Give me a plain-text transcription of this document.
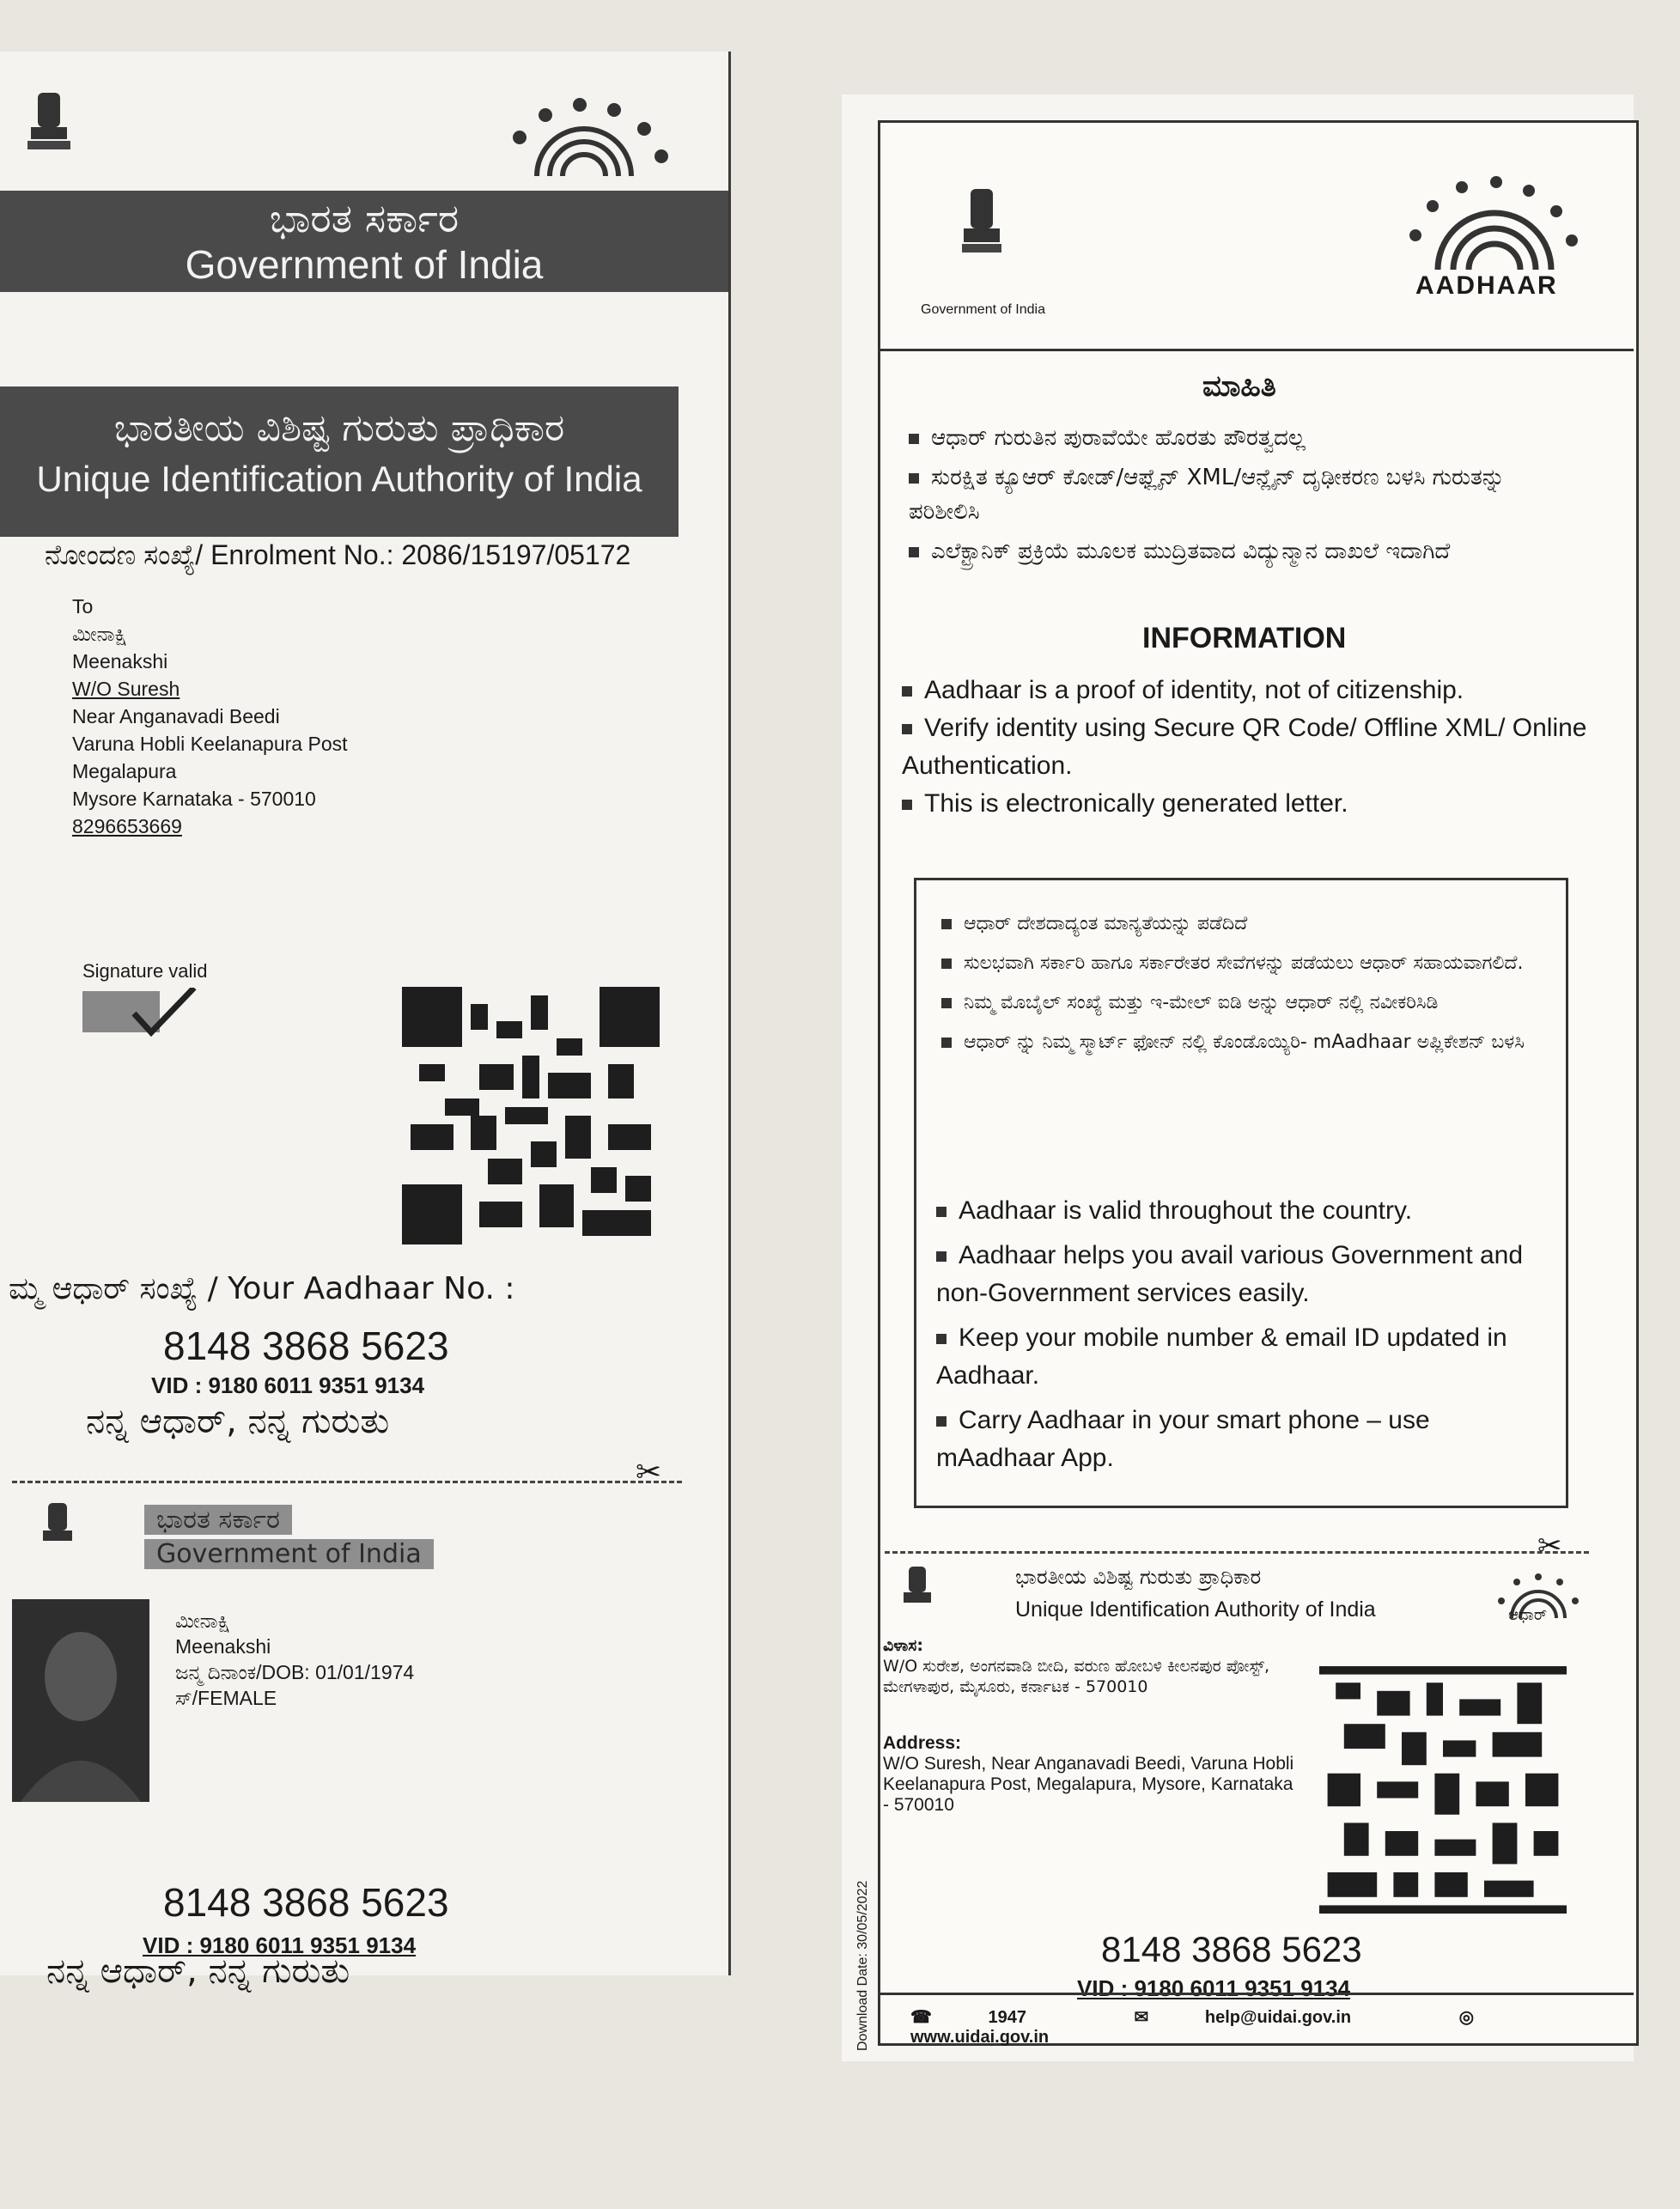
ಭಾರತ ಸರ್ಕಾರ
Government of India
ಭಾರತೀಯ ವಿಶಿಷ್ಟ ಗುರುತು ಪ್ರಾಧಿಕಾರ
Unique Identification Authority of India
ನೋಂದಣ ಸಂಖ್ಯೆ/ Enrolment No.: 2086/15197/05172
To
ಮೀನಾಕ್ಷಿ
Meenakshi
W/O Suresh
Near Anganavadi Beedi
Varuna Hobli Keelanapura Post
Megalapura
Mysore Karnataka - 570010
8296653669
Signature valid
ಮ್ಮ ಆಧಾರ್ ಸಂಖ್ಯೆ / Your Aadhaar No. :
8148 3868 5623
VID : 9180 6011 9351 9134
ನನ್ನ ಆಧಾರ್, ನನ್ನ ಗುರುತು
✂
ಭಾರತ ಸರ್ಕಾರ
Government of India
ಮೀನಾಕ್ಷಿ
Meenakshi
ಜನ್ಮ ದಿನಾಂಕ/DOB: 01/01/1974
ಸ್/FEMALE
8148 3868 5623
VID : 9180 6011 9351 9134
ನನ್ನ ಆಧಾರ್, ನನ್ನ ಗುರುತು
Government of India
AADHAAR
ಮಾಹಿತಿ
ಆಧಾರ್ ಗುರುತಿನ ಪುರಾವೆಯೇ ಹೊರತು ಪೌರತ್ವದಲ್ಲ
ಸುರಕ್ಷಿತ ಕ್ಯೂಆರ್ ಕೋಡ್/ಆಫ್ಲೈನ್ XML/ಆನ್ಲೈನ್ ದೃಢೀಕರಣ ಬಳಸಿ ಗುರುತನ್ನು ಪರಿಶೀಲಿಸಿ
ಎಲೆಕ್ಟ್ರಾನಿಕ್ ಪ್ರಕ್ರಿಯೆ ಮೂಲಕ ಮುದ್ರಿತವಾದ ವಿದ್ಯುನ್ಮಾನ ದಾಖಲೆ ಇದಾಗಿದೆ
INFORMATION
Aadhaar is a proof of identity, not of citizenship.
Verify identity using Secure QR Code/ Offline XML/ Online Authentication.
This is electronically generated letter.
ಆಧಾರ್ ದೇಶದಾದ್ಯಂತ ಮಾನ್ಯತೆಯನ್ನು ಪಡೆದಿದೆ
ಸುಲಭವಾಗಿ ಸರ್ಕಾರಿ ಹಾಗೂ ಸರ್ಕಾರೇತರ ಸೇವೆಗಳನ್ನು ಪಡೆಯಲು ಆಧಾರ್ ಸಹಾಯವಾಗಲಿದೆ.
ನಿಮ್ಮ ಮೊಬೈಲ್ ಸಂಖ್ಯೆ ಮತ್ತು ಇ-ಮೇಲ್ ಐಡಿ ಅನ್ನು ಆಧಾರ್ ನಲ್ಲಿ ನವೀಕರಿಸಿಡಿ
ಆಧಾರ್ ನ್ನು ನಿಮ್ಮ ಸ್ಮಾರ್ಟ್ ಫೋನ್ ನಲ್ಲಿ ಕೊಂಡೊಯ್ಯಿರಿ- mAadhaar ಅಪ್ಲಿಕೇಶನ್ ಬಳಸಿ
Aadhaar is valid throughout the country.
Aadhaar helps you avail various Government and non-Government services easily.
Keep your mobile number & email ID updated in Aadhaar.
Carry Aadhaar in your smart phone – use mAadhaar App.
✂
ಭಾರತೀಯ ವಿಶಿಷ್ಟ ಗುರುತು ಪ್ರಾಧಿಕಾರ
Unique Identification Authority of India	ಆಧಾರ್
Download Date: 30/05/2022
ವಿಳಾಸ:
W/O ಸುರೇಶ, ಅಂಗನವಾಡಿ ಬೀದಿ, ವರುಣ ಹೋಬಳಿ ಕೀಲನಪುರ ಪೋಸ್ಟ್, ಮೇಗಳಾಪುರ, ಮೈಸೂರು, ಕರ್ನಾಟಕ - 570010
Address:
W/O Suresh, Near Anganavadi Beedi, Varuna Hobli Keelanapura Post, Megalapura, Mysore, Karnataka - 570010
8148 3868 5623
VID : 9180 6011 9351 9134
☎	1947	✉	help@uidai.gov.in	◎ www.uidai.gov.in
